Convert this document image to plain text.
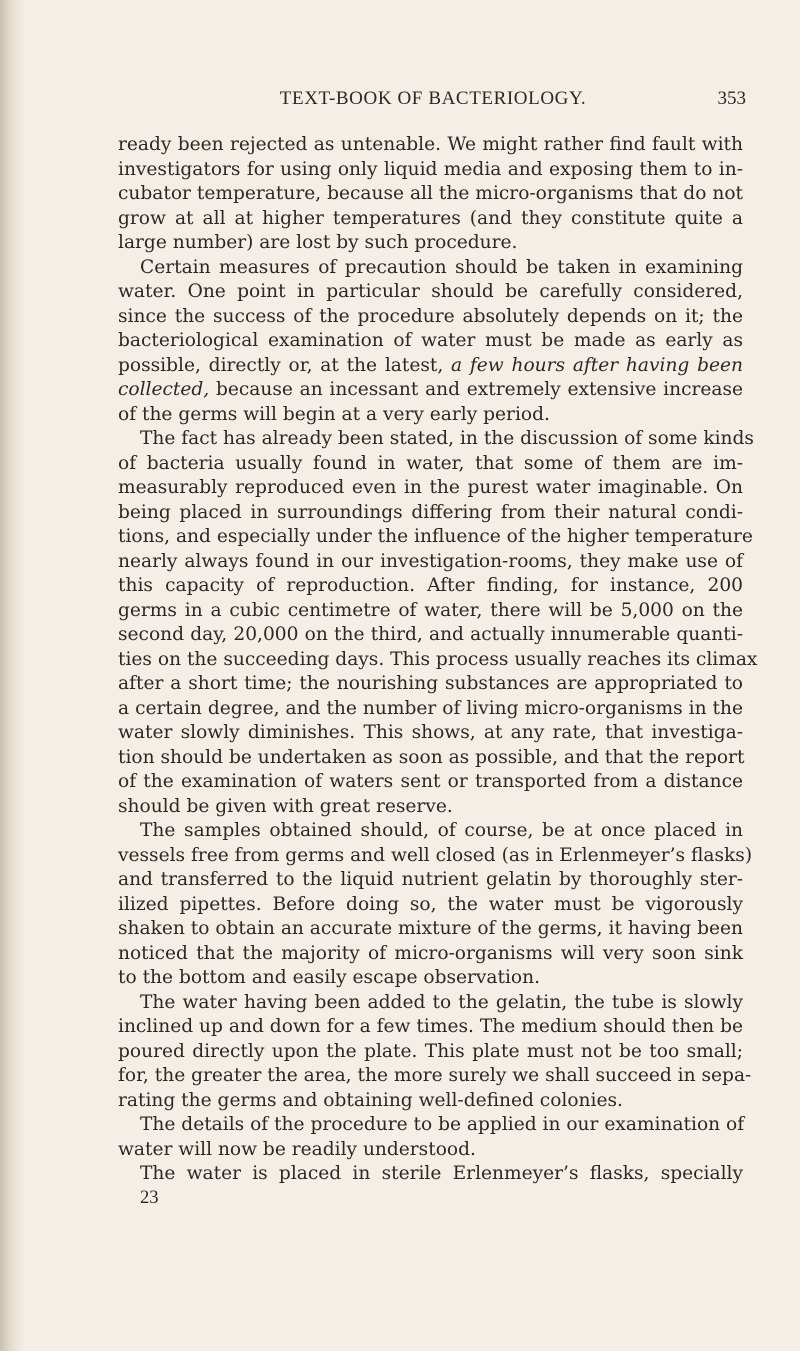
TEXT-BOOK OF BACTERIOLOGY.	353
ready been rejected as untenable. We might rather find fault with
investigators for using only liquid media and exposing them to in-
cubator temperature, because all the micro-organisms that do not
grow at all at higher temperatures (and they constitute quite a
large number) are lost by such procedure.
Certain measures of precaution should be taken in examining
water. One point in particular should be carefully considered,
since the success of the procedure absolutely depends on it; the
bacteriological examination of water must be made as early as
possible, directly or, at the latest, a few hours after having been
collected, because an incessant and extremely extensive increase
of the germs will begin at a very early period.
The fact has already been stated, in the discussion of some kinds
of bacteria usually found in water, that some of them are im-
measurably reproduced even in the purest water imaginable. On
being placed in surroundings differing from their natural condi-
tions, and especially under the influence of the higher temperature
nearly always found in our investigation-rooms, they make use of
this capacity of reproduction. After finding, for instance, 200
germs in a cubic centimetre of water, there will be 5,000 on the
second day, 20,000 on the third, and actually innumerable quanti-
ties on the succeeding days. This process usually reaches its climax
after a short time; the nourishing substances are appropriated to
a certain degree, and the number of living micro-organisms in the
water slowly diminishes. This shows, at any rate, that investiga-
tion should be undertaken as soon as possible, and that the report
of the examination of waters sent or transported from a distance
should be given with great reserve.
The samples obtained should, of course, be at once placed in
vessels free from germs and well closed (as in Erlenmeyer’s flasks)
and transferred to the liquid nutrient gelatin by thoroughly ster-
ilized pipettes. Before doing so, the water must be vigorously
shaken to obtain an accurate mixture of the germs, it having been
noticed that the majority of micro-organisms will very soon sink
to the bottom and easily escape observation.
The water having been added to the gelatin, the tube is slowly
inclined up and down for a few times. The medium should then be
poured directly upon the plate. This plate must not be too small;
for, the greater the area, the more surely we shall succeed in sepa-
rating the germs and obtaining well-defined colonies.
The details of the procedure to be applied in our examination of
water will now be readily understood.
The water is placed in sterile Erlenmeyer’s flasks, specially
23
